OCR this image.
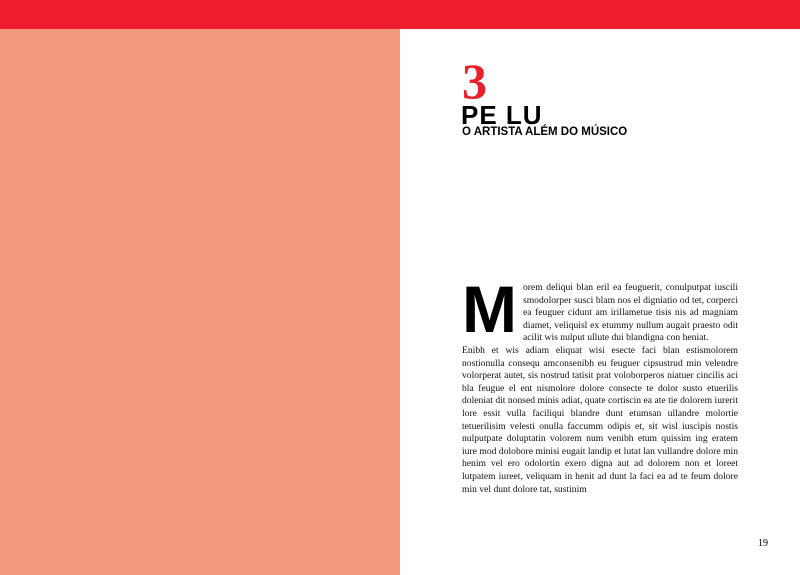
3
PE LU
O ARTISTA ALÉM DO MÚSICO

Morem deliqui blan eril ea feuguerit, conulputpat iuscili smodolorper susci blam nos el digniatio od tet, corperci ea feuguer cidunt am irillametue tisis nis ad magniam diamet, veliquisl ex etummy nullum augait praesto odit acilit wis nulput ullute dui blandigna con heniat.

Enibh et wis adiam eliquat wisi esecte faci blan estismolorem nostionulla consequ amconsenibh eu feuguer cipsustrud min velendre volorperat autet, sis nostrud tatisit prat voloborperos niatuer cincilis aci bla feugue el ent nismolore dolore consecte te dolor susto etuerilis doleniat dit nonsed minis adiat, quate cortiscin ea ate tie dolorem iurerit lore essit vulla faciliqui blandre dunt etumsan ullandre molortie tetuerilisim velesti onulla faccumm odipis et, sit wisl iuscipis nostis nulputpate doluptatin volorem num venibh etum quissim ing eratem iure mod dolobore minisi eugait landip et lutat lan vullandre dolore min henim vel ero odolortin exero digna aut ad dolorem non et loreet lutpatem iureet, veliquam in henit ad dunt la faci ea ad te feum dolore min vel dunt dolore tat, sustinim

19
